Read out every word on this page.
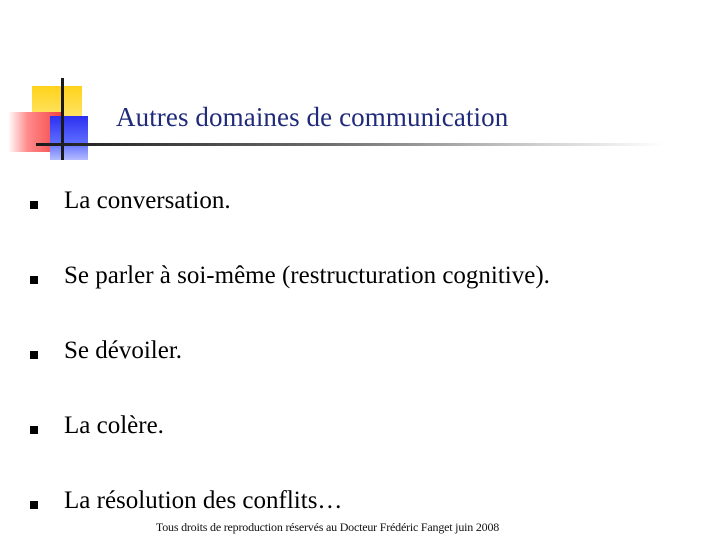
Autres domaines de communication
La conversation.
Se parler à soi-même (restructuration cognitive).
Se dévoiler.
La colère.
La résolution des conflits…
Tous droits de reproduction réservés au Docteur Frédéric Fanget juin 2008
